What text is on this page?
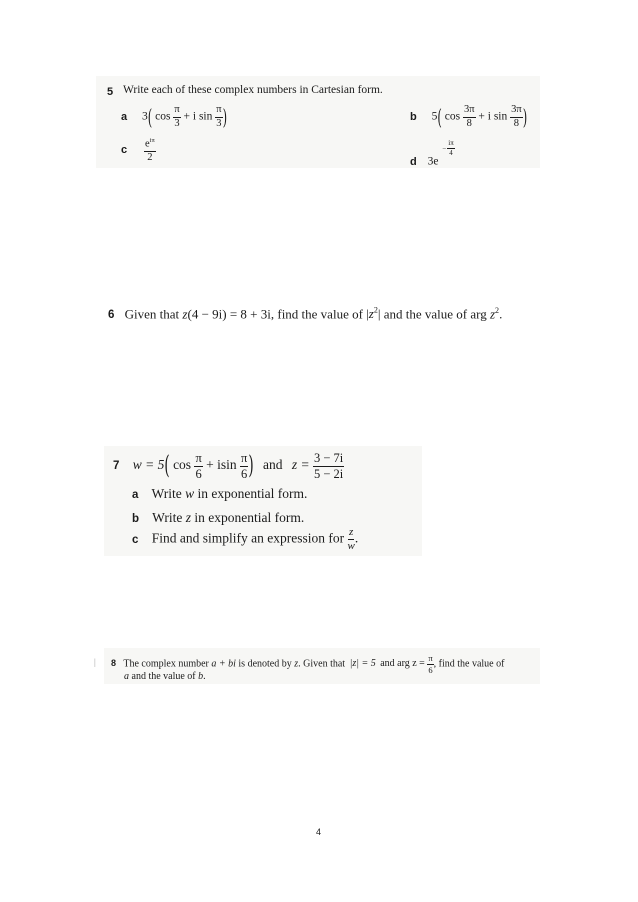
5 Write each of these complex numbers in Cartesian form.
a 3( $\cos \frac{\pi}{3} + i$ $\sin \frac{\pi}{3}$ )	b 5( $\cos \frac{3\pi}{8} + i$ $\sin \frac{3\pi}{8}$ )
c $\frac{e^{i\pi}}{2}$	d 3e
− $\frac{i\pi}{4}$
6 Given that z(4 − 9i) = 8 + 3i, find the value of $|z^2|$ and the value of arg $z^2$.
7 w = 5( $\cos \frac{\pi}{6} + isin \frac{\pi}{6}$ ) and $z = \frac{3 - 7i}{5 - 2i}$
a Write w in exponential form.
b Write z in exponential form.
c Find and simplify an expression for $\frac{z}{w}$ .
| 8 The complex number a + bi is denoted by z. Given that |z| = 5 and arg $z = \frac{\pi}{6}$ , find the value of
a and the value of b.
4
